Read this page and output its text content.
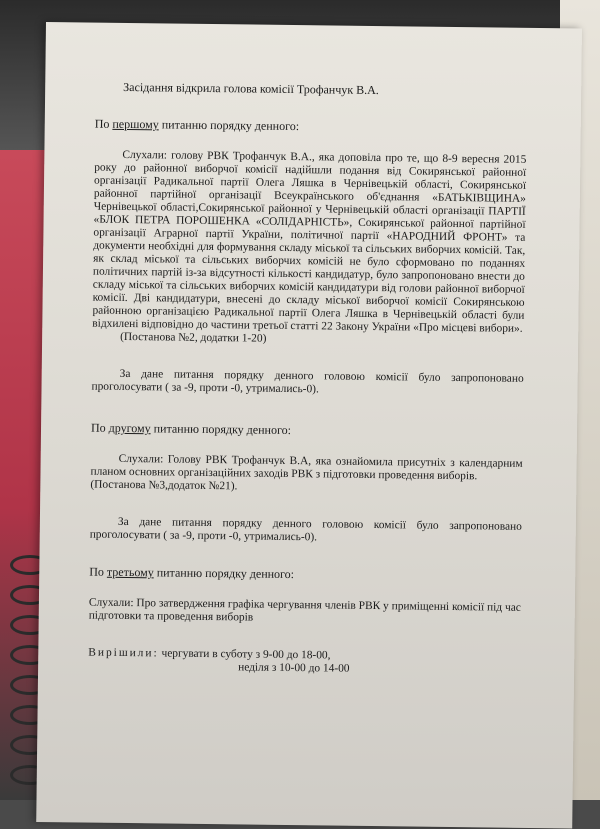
Засідання відкрила голова комісії Трофанчук В.А.

По першому питанню порядку денного:

Слухали: голову РВК Трофанчук В.А., яка доповіла про те, що 8-9 вересня 2015 року до районної виборчої комісії надійшли подання від Сокирянської районної організації Радикальної партії Олега Ляшка в Чернівецькій області, Сокирянської районної партійної організації Всеукраїнського об'єднання «БАТЬКІВЩИНА» Чернівецької області,Сокирянської районної у Чернівецькій області організації ПАРТІЇ «БЛОК ПЕТРА ПОРОШЕНКА «СОЛІДАРНІСТЬ», Сокирянської районної партійної організації Аграрної партії України, політичної партії «НАРОДНИЙ ФРОНТ» та документи необхідні для формування складу міської та сільських виборчих комісій. Так, як склад міської та сільських виборчих комісій не було сформовано по поданнях політичних партій із-за відсутності кількості кандидатур, було запропоновано внести до складу міської та сільських виборчих комісій кандидатури від голови районної виборчої комісії. Дві кандидатури, внесені до складу міської виборчої комісії Сокирянською районною організацією Радикальної партії Олега Ляшка в Чернівецькій області були відхилені відповідно до частини третьої статті 22 Закону України «Про місцеві вибори».

(Постанова №2, додатки 1-20)

За дане питання порядку денного головою комісії було запропоновано проголосувати ( за -9, проти -0, утримались-0).

По другому питанню порядку денного:

Слухали: Голову РВК Трофанчук В.А, яка ознайомила присутніх з календарним планом основних організаційних заходів РВК з підготовки проведення виборів.

(Постанова №3,додаток №21).

За дане питання порядку денного головою комісії було запропоновано проголосувати ( за -9, проти -0, утримались-0).

По третьому питанню порядку денного:

Слухали: Про затвердження графіка чергування членів РВК у приміщенні комісії під час підготовки та проведення виборів

Вирішили: чергувати в суботу з 9-00 до 18-00,

неділя з 10-00 до 14-00
